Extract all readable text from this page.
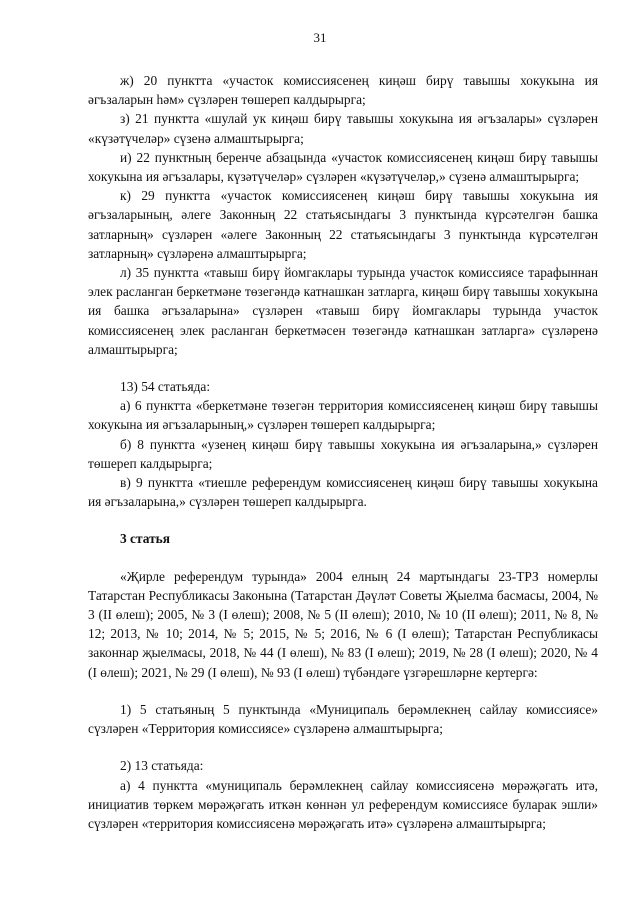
31

ж) 20 пунктта «участок комиссиясенең киңәш бирү тавышы хокукына ия әгъзаларын һәм» сүзләрен төшереп калдырырга;

з) 21 пунктта «шулай ук киңәш бирү тавышы хокукына ия әгъзалары» сүзләрен «күзәтүчеләр» сүзенә алмаштырырга;

и) 22 пунктның беренче абзацында «участок комиссиясенең киңәш бирү тавышы хокукына ия әгъзалары, күзәтүчеләр» сүзләрен «күзәтүчеләр,» сүзенә алмаштырырга;

к) 29 пунктта «участок комиссиясенең киңәш бирү тавышы хокукына ия әгъзаларының, әлеге Законның 22 статьясындагы 3 пунктында күрсәтелгән башка затларның» сүзләрен «әлеге Законның 22 статьясындагы 3 пунктында күрсәтелгән затларның» сүзләренә алмаштырырга;

л) 35 пунктта «тавыш бирү йомгаклары турында участок комиссиясе тарафыннан элек расланган беркетмәне төзегәндә катнашкан затларга, киңәш бирү тавышы хокукына ия башка әгъзаларына» сүзләрен «тавыш бирү йомгаклары турында участок комиссиясенең элек расланган беркетмәсен төзегәндә катнашкан затларга» сүзләренә алмаштырырга;

13) 54 статьяда:

а) 6 пунктта «беркетмәне төзегән территория комиссиясенең киңәш бирү тавышы хокукына ия әгъзаларының,» сүзләрен төшереп калдырырга;

б) 8 пунктта «узенең киңәш бирү тавышы хокукына ия әгъзаларына,» сүзләрен төшереп калдырырга;

в) 9 пунктта «тиешле референдум комиссиясенең киңәш бирү тавышы хокукына ия әгъзаларына,» сүзләрен төшереп калдырырга.

3 статья

«Җирле референдум турында» 2004 елның 24 мартындагы 23-ТРЗ номерлы Татарстан Республикасы Законына (Татарстан Дәүләт Советы Җыелма басмасы, 2004, № 3 (II өлеш); 2005, № 3 (I өлеш); 2008, № 5 (II өлеш); 2010, № 10 (II өлеш); 2011, № 8, № 12; 2013, № 10; 2014, № 5; 2015, № 5; 2016, № 6 (I өлеш); Татарстан Республикасы законнар җыелмасы, 2018, № 44 (I өлеш), № 83 (I өлеш); 2019, № 28 (I өлеш); 2020, № 4 (I өлеш); 2021, № 29 (I өлеш), № 93 (I өлеш) түбәндәге үзгәрешләрне кертергә:

1) 5 статьяның 5 пунктында «Муниципаль берәмлекнең сайлау комиссиясе» сүзләрен «Территория комиссиясе» сүзләренә алмаштырырга;

2) 13 статьяда:

а) 4 пунктта «муниципаль берәмлекнең сайлау комиссиясенә мөрәҗәгать итә, инициатив төркем мөрәҗәгать иткән көннән ул референдум комиссиясе буларак эшли» сүзләрен «территория комиссиясенә мөрәҗәгать итә» сүзләренә алмаштырырга;
